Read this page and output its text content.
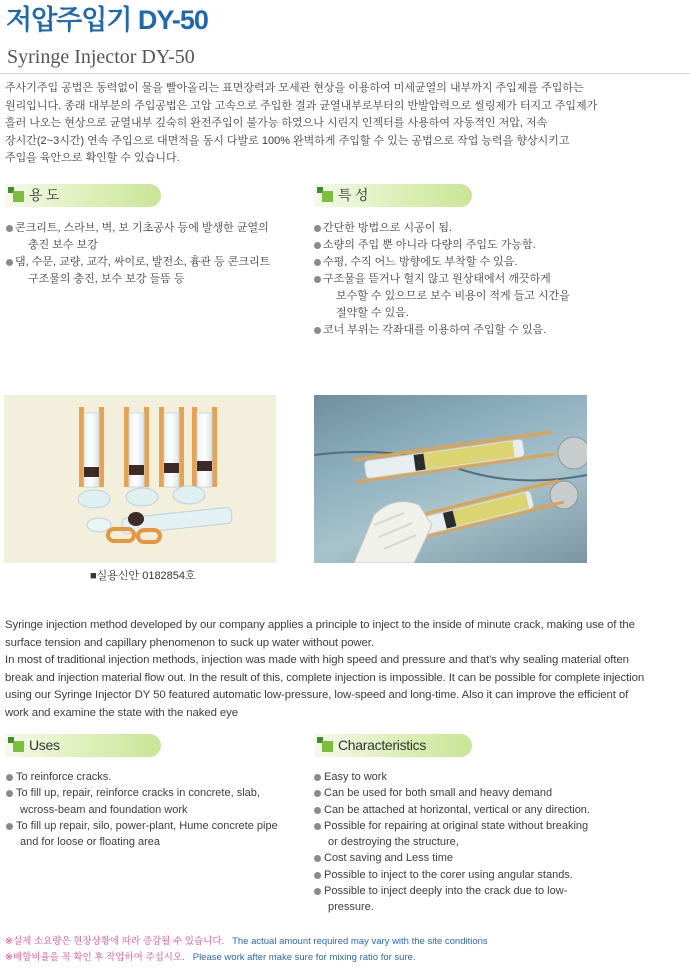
저압주입기 DY-50
Syringe Injector DY-50

주사기주입 공법은 동력없이 물을 빨아올리는 표면장력과 모세관 현상을 이용하여 미세균열의 내부까지 주입제를 주입하는

원리입니다. 종래 대부분의 주입공법은 고압 고속으로 주입한 결과 균열내부로부터의 반발압력으로 씰링제가 터지고 주입제가

흘러 나오는 현상으로 균열내부 깊숙히 완전주입이 불가능 하였으나 시린지 인젝터를 사용하여 자동적인 저압, 저속

장시간(2~3시간) 연속 주입으로 대면적을 동시 다발로 100% 완벽하게 주입할 수 있는 공법으로 작업 능력을 향상시키고

주입을 육안으로 확인할 수 있습니다.

용 도	특 성
콘크리트, 스라브, 벽, 보 기초공사 등에 발생한 균열의
충진 보수 보강
댐, 수문, 교량, 교각, 싸이로, 발전소, 흄관 등 콘크리트
구조물의 충진, 보수 보강 들뜸 등
간단한 방법으로 시공이 됨.
소량의 주입 뿐 아니라 다량의 주입도 가능함.
수평, 수직 어느 방향에도 부착할 수 있음.
구조물을 뜯거나 헐지 않고 원상태에서 깨끗하게
보수할 수 있으므로 보수 비용이 적게 들고 시간을
절약할 수 있음.
코너 부위는 각좌대를 이용하여 주입할 수 있음.
■실용신안 0182854호

Syringe injection method developed by our company applies a principle to inject to the inside of minute crack, making use of the

surface tension and capillary phenomenon to suck up water without power.

In most of traditional injection methods, injection was made with high speed and pressure and that's why sealing material often

break and injection material flow out. In the result of this, complete injection is impossible. It can be possible for complete injection

using our Syringe Injector DY 50 featured automatic low-pressure, low-speed and long-time. Also it can improve the efficient of

work and examine the state with the naked eye

Uses	Characteristics
To reinforce cracks.
To fill up, repair, reinforce cracks in concrete, slab,
wcross-beam and foundation work
To fill up repair, silo, power-plant, Hume concrete pipe
and for loose or floating area
Easy to work
Can be used for both small and heavy demand
Can be attached at horizontal, vertical or any direction.
Possible for repairing at original state without breaking
or destroying the structure,
Cost saving and Less time
Possible to inject to the corer using angular stands.
Possible to inject deeply into the crack due to low-
pressure.
※실제 소요량은 현장상황에 따라 증감될 수 있습니다. The actual amount required may vary with the site conditions
※배합비율을 꼭 확인 후 작업하여 주십시오. Please work after make sure for mixing ratio for sure.
